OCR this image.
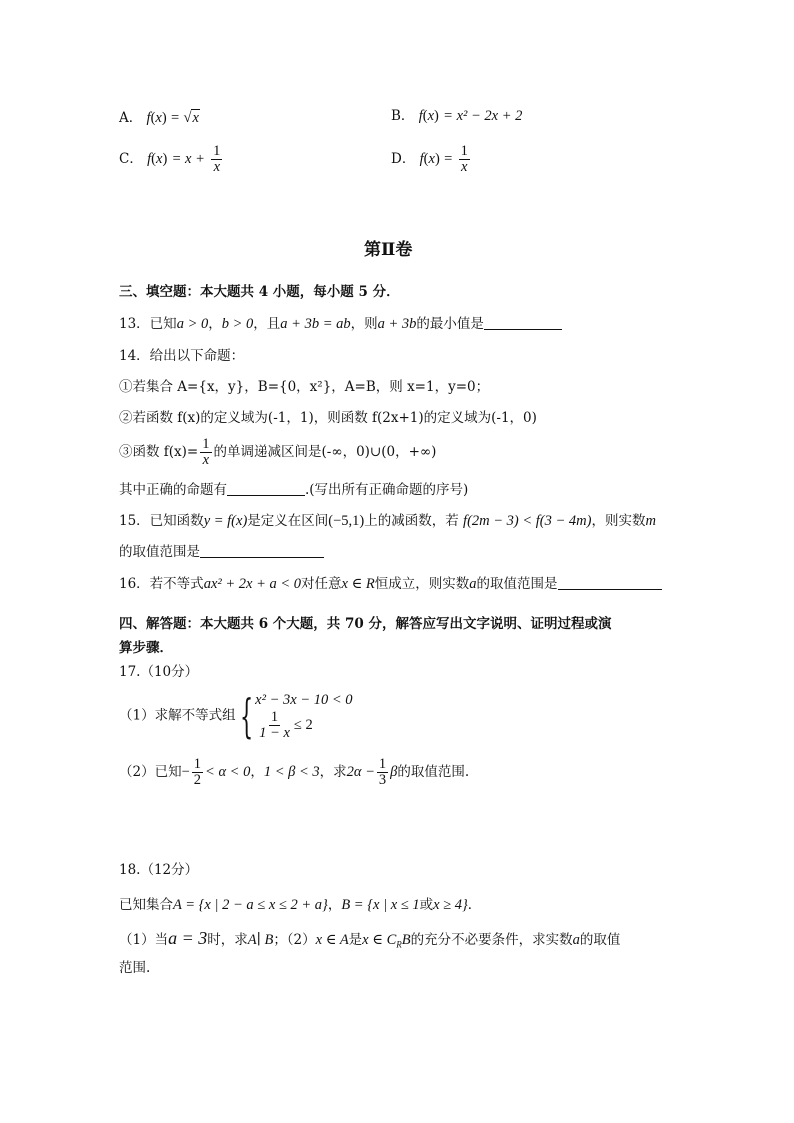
A． f(x) = √x	B． f(x) = x² − 2x + 2
C． $f(x) = x + \frac{1}{x}$	D． $f(x) = \frac{1}{x}$
第Ⅱ卷
三、填空题：本大题共 4 小题，每小题 5 分．
13．已知a > 0，b > 0，且a + 3b = ab，则a + 3b的最小值是
14．给出以下命题：
①若集合 A={x，y}，B={0，x²}，A=B，则 x=1，y=0；
②若函数 f(x)的定义域为(-1，1)，则函数 f(2x+1)的定义域为(-1，0)
③函数 $f(x)= \frac{1}{x}$ 的单调递减区间是(-∞，0)∪(0，+∞)
其中正确的命题有	.(写出所有正确命题的序号)
15．已知函数y = f(x)是定义在区间(−5,1)上的减函数，若 f(2m − 3) < f(3 − 4m)，则实数m
的取值范围是
16．若不等式ax² + 2x + a < 0对任意x ∈ R恒成立，则实数a的取值范围是
四、解答题：本大题共 6 个大题，共 70 分，解答应写出文字说明、证明过程或演
算步骤．
17.（10分）
（1）求解不等式组 { x² − 3x − 10 < 0
$\frac{1}{1 - x} \le 2$
（2）已知− $\frac{1}{2} < \alpha < 0$，1 < β < 3，求$2\alpha - \frac{1}{3}$ β的取值范围.
18.（12分）
已知集合A = {x | 2 − a ≤ x ≤ 2 + a}，B = {x | x ≤ 1或x ≥ 4}．
（1）当a = 3时，求A∣ B；（2）x ∈ A是x ∈ $C_RB$的充分不必要条件，求实数a的取值
范围.
